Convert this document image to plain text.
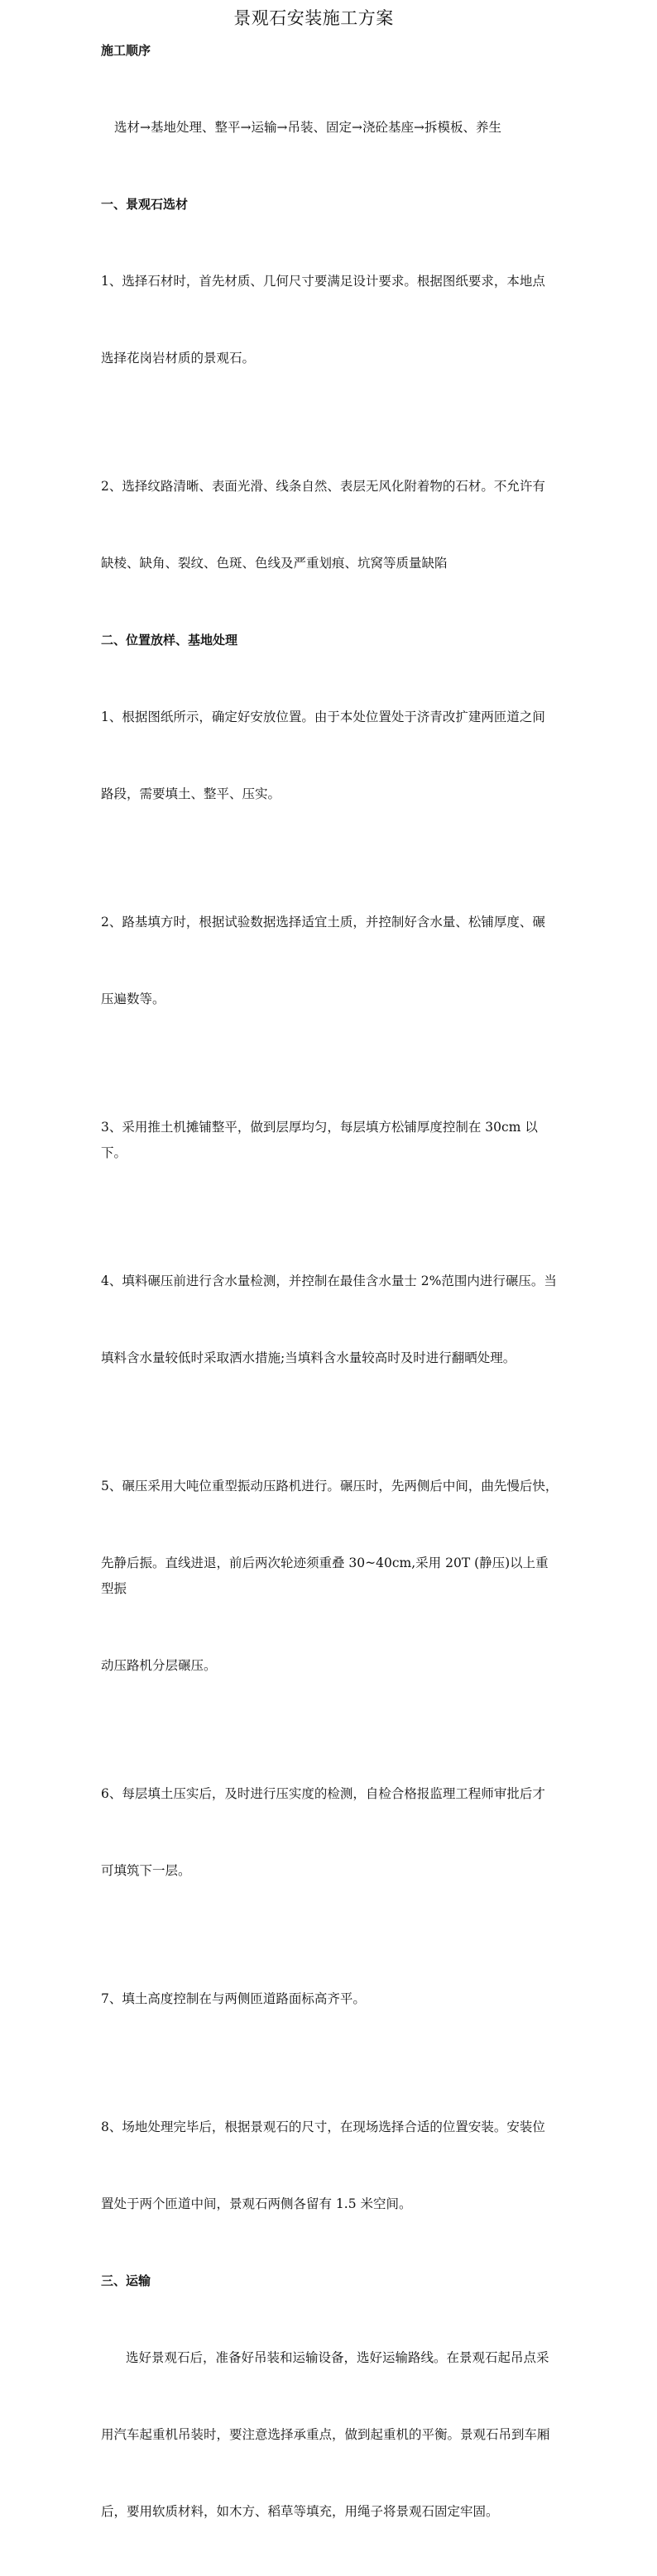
景观石安装施工方案
施工顺序

选材→基地处理、整平→运输→吊装、固定→浇砼基座→拆模板、养生

一、景观石选材

1、选择石材时，首先材质、几何尺寸要满足设计要求。根据图纸要求，本地点

选择花岗岩材质的景观石。

2、选择纹路清晰、表面光滑、线条自然、表层无风化附着物的石材。不允许有

缺棱、缺角、裂纹、色斑、色线及严重划痕、坑窝等质量缺陷

二、位置放样、基地处理

1、根据图纸所示，确定好安放位置。由于本处位置处于济青改扩建两匝道之间

路段，需要填土、整平、压实。

2、路基填方时，根据试验数据选择适宜土质，并控制好含水量、松铺厚度、碾

压遍数等。

3、采用推土机摊铺整平，做到层厚均匀，每层填方松铺厚度控制在 30cm 以下。

4、填料碾压前进行含水量检测，并控制在最佳含水量士 2%范围内进行碾压。当

填料含水量较低时采取洒水措施;当填料含水量较高时及时进行翻晒处理。

5、碾压采用大吨位重型振动压路机进行。碾压时，先两侧后中间，曲先慢后快，

先静后振。直线进退，前后两次轮迹须重叠 30~40cm,采用 20T (静压)以上重型振

动压路机分层碾压。

6、每层填土压实后，及时进行压实度的检测，自检合格报监理工程师审批后才

可填筑下一层。

7、填土高度控制在与两侧匝道路面标高齐平。

8、场地处理完毕后，根据景观石的尺寸，在现场选择合适的位置安装。安装位

置处于两个匝道中间，景观石两侧各留有 1.5 米空间。

三、运输

选好景观石后，准备好吊装和运输设备，选好运输路线。在景观石起吊点采

用汽车起重机吊装时，要注意选择承重点，做到起重机的平衡。景观石吊到车厢

后，要用软质材料，如木方、稻草等填充，用绳子将景观石固定牢固。
